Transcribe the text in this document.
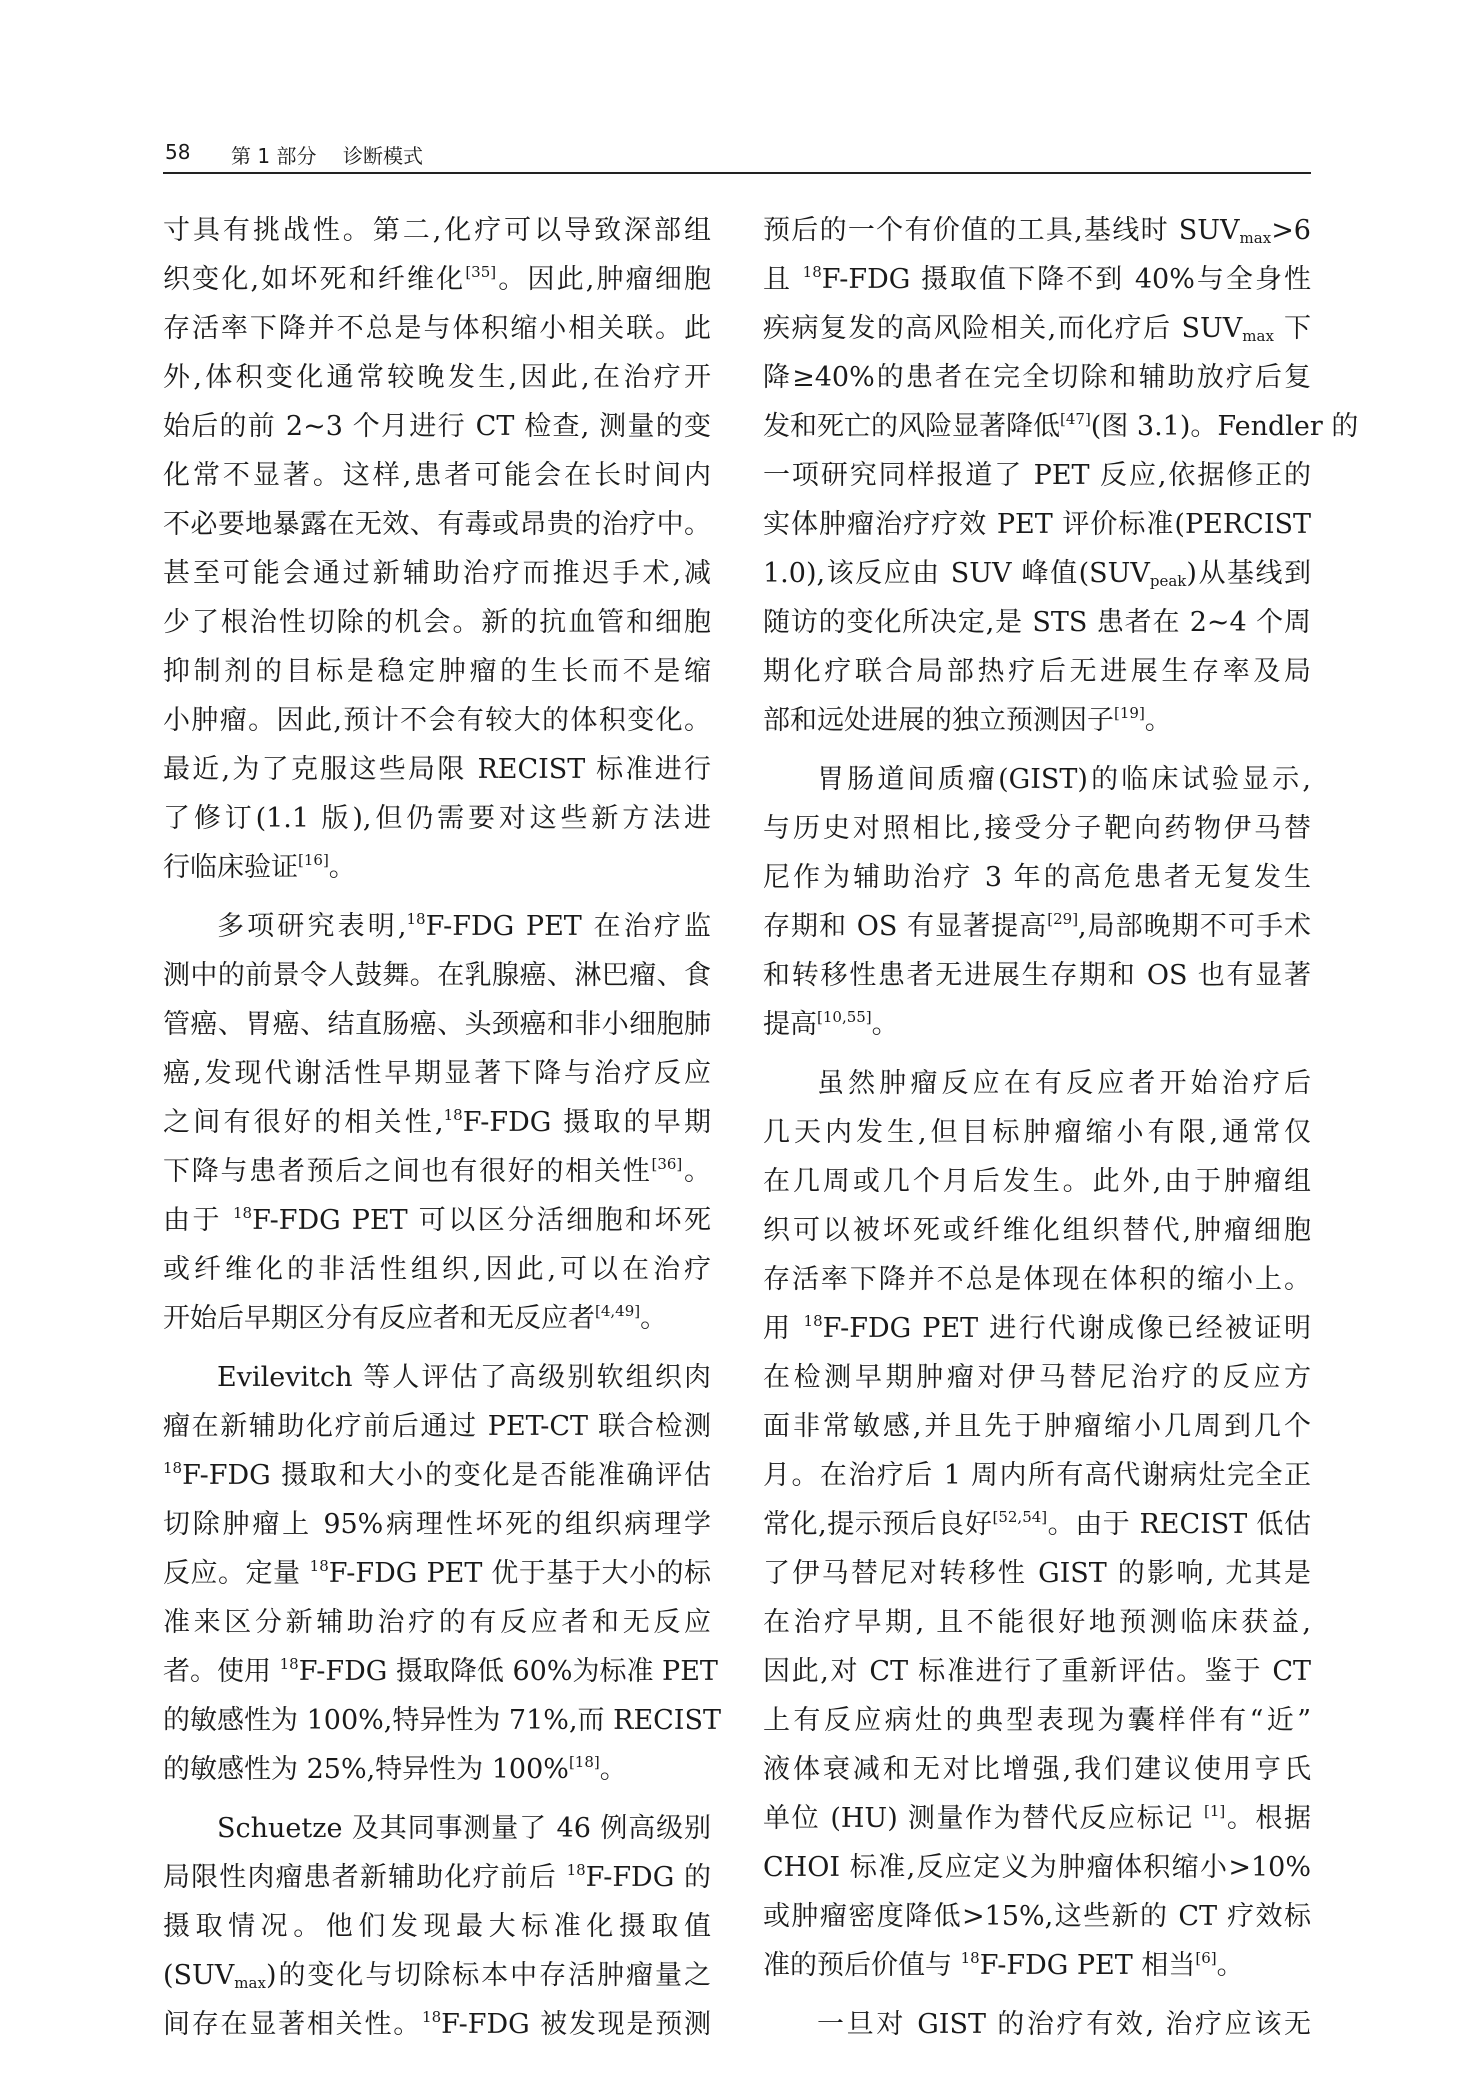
58 第 1 部分 诊断模式
寸具有挑战性。第二,化疗可以导致深部组
织变化,如坏死和纤维化[35]。因此,肿瘤细胞
存活率下降并不总是与体积缩小相关联。此
外,体积变化通常较晚发生,因此,在治疗开
始后的前 2~3 个月进行 CT 检查, 测量的变
化常不显著。这样,患者可能会在长时间内
不必要地暴露在无效、有毒或昂贵的治疗中。
甚至可能会通过新辅助治疗而推迟手术,减
少了根治性切除的机会。新的抗血管和细胞
抑制剂的目标是稳定肿瘤的生长而不是缩
小肿瘤。因此,预计不会有较大的体积变化。
最近,为了克服这些局限 RECIST 标准进行
了修订(1.1 版),但仍需要对这些新方法进
行临床验证[16]。
多项研究表明,$^{18}$F-FDG PET 在治疗监
测中的前景令人鼓舞。在乳腺癌、淋巴瘤、食
管癌、胃癌、结直肠癌、头颈癌和非小细胞肺
癌,发现代谢活性早期显著下降与治疗反应
之间有很好的相关性,$^{18}$F-FDG 摄取的早期
下降与患者预后之间也有很好的相关性[36]。
由于 $^{18}$F-FDG PET 可以区分活细胞和坏死
或纤维化的非活性组织,因此,可以在治疗
开始后早期区分有反应者和无反应者[4,49]。
Evilevitch 等人评估了高级别软组织肉
瘤在新辅助化疗前后通过 PET-CT 联合检测
$^{18}$F-FDG 摄取和大小的变化是否能准确评估
切除肿瘤上 95%病理性坏死的组织病理学
反应。定量 $^{18}$F-FDG PET 优于基于大小的标
准来区分新辅助治疗的有反应者和无反应
者。使用 $^{18}$F-FDG 摄取降低 60%为标准 PET
的敏感性为 100%,特异性为 71%,而 RECIST
的敏感性为 25%,特异性为 100%[18]。
Schuetze 及其同事测量了 46 例高级别
局限性肉瘤患者新辅助化疗前后 $^{18}$F-FDG 的
摄取情况。他们发现最大标准化摄取值
$(SUV_{max})$的变化与切除标本中存活肿瘤量之
间存在显著相关性。$^{18}$F-FDG 被发现是预测
预后的一个有价值的工具,基线时 $SUV_{max}>6$
且 $^{18}$F-FDG 摄取值下降不到 40%与全身性
疾病复发的高风险相关,而化疗后 $SUV_{max}$ 下
降≥40%的患者在完全切除和辅助放疗后复
发和死亡的风险显著降低[47](图 3.1)。Fendler 的
一项研究同样报道了 PET 反应,依据修正的
实体肿瘤治疗疗效 PET 评价标准(PERCIST
1.0),该反应由 SUV 峰值$(SUV_{peak})$从基线到
随访的变化所决定,是 STS 患者在 2~4 个周
期化疗联合局部热疗后无进展生存率及局
部和远处进展的独立预测因子[19]。
胃肠道间质瘤(GIST)的临床试验显示,
与历史对照相比,接受分子靶向药物伊马替
尼作为辅助治疗 3 年的高危患者无复发生
存期和 OS 有显著提高[29],局部晚期不可手术
和转移性患者无进展生存期和 OS 也有显著
提高[10,55]。
虽然肿瘤反应在有反应者开始治疗后
几天内发生,但目标肿瘤缩小有限,通常仅
在几周或几个月后发生。此外,由于肿瘤组
织可以被坏死或纤维化组织替代,肿瘤细胞
存活率下降并不总是体现在体积的缩小上。
用 $^{18}$F-FDG PET 进行代谢成像已经被证明
在检测早期肿瘤对伊马替尼治疗的反应方
面非常敏感,并且先于肿瘤缩小几周到几个
月。在治疗后 1 周内所有高代谢病灶完全正
常化,提示预后良好[52,54]。由于 RECIST 低估
了伊马替尼对转移性 GIST 的影响, 尤其是
在治疗早期, 且不能很好地预测临床获益,
因此,对 CT 标准进行了重新评估。鉴于 CT
上有反应病灶的典型表现为囊样伴有“近”
液体衰减和无对比增强,我们建议使用亨氏
单位 (HU) 测量作为替代反应标记 [1]。根据
CHOI 标准,反应定义为肿瘤体积缩小>10%
或肿瘤密度降低>15%,这些新的 CT 疗效标
准的预后价值与 $^{18}$F-FDG PET 相当[6]。
一旦对 GIST 的治疗有效, 治疗应该无
